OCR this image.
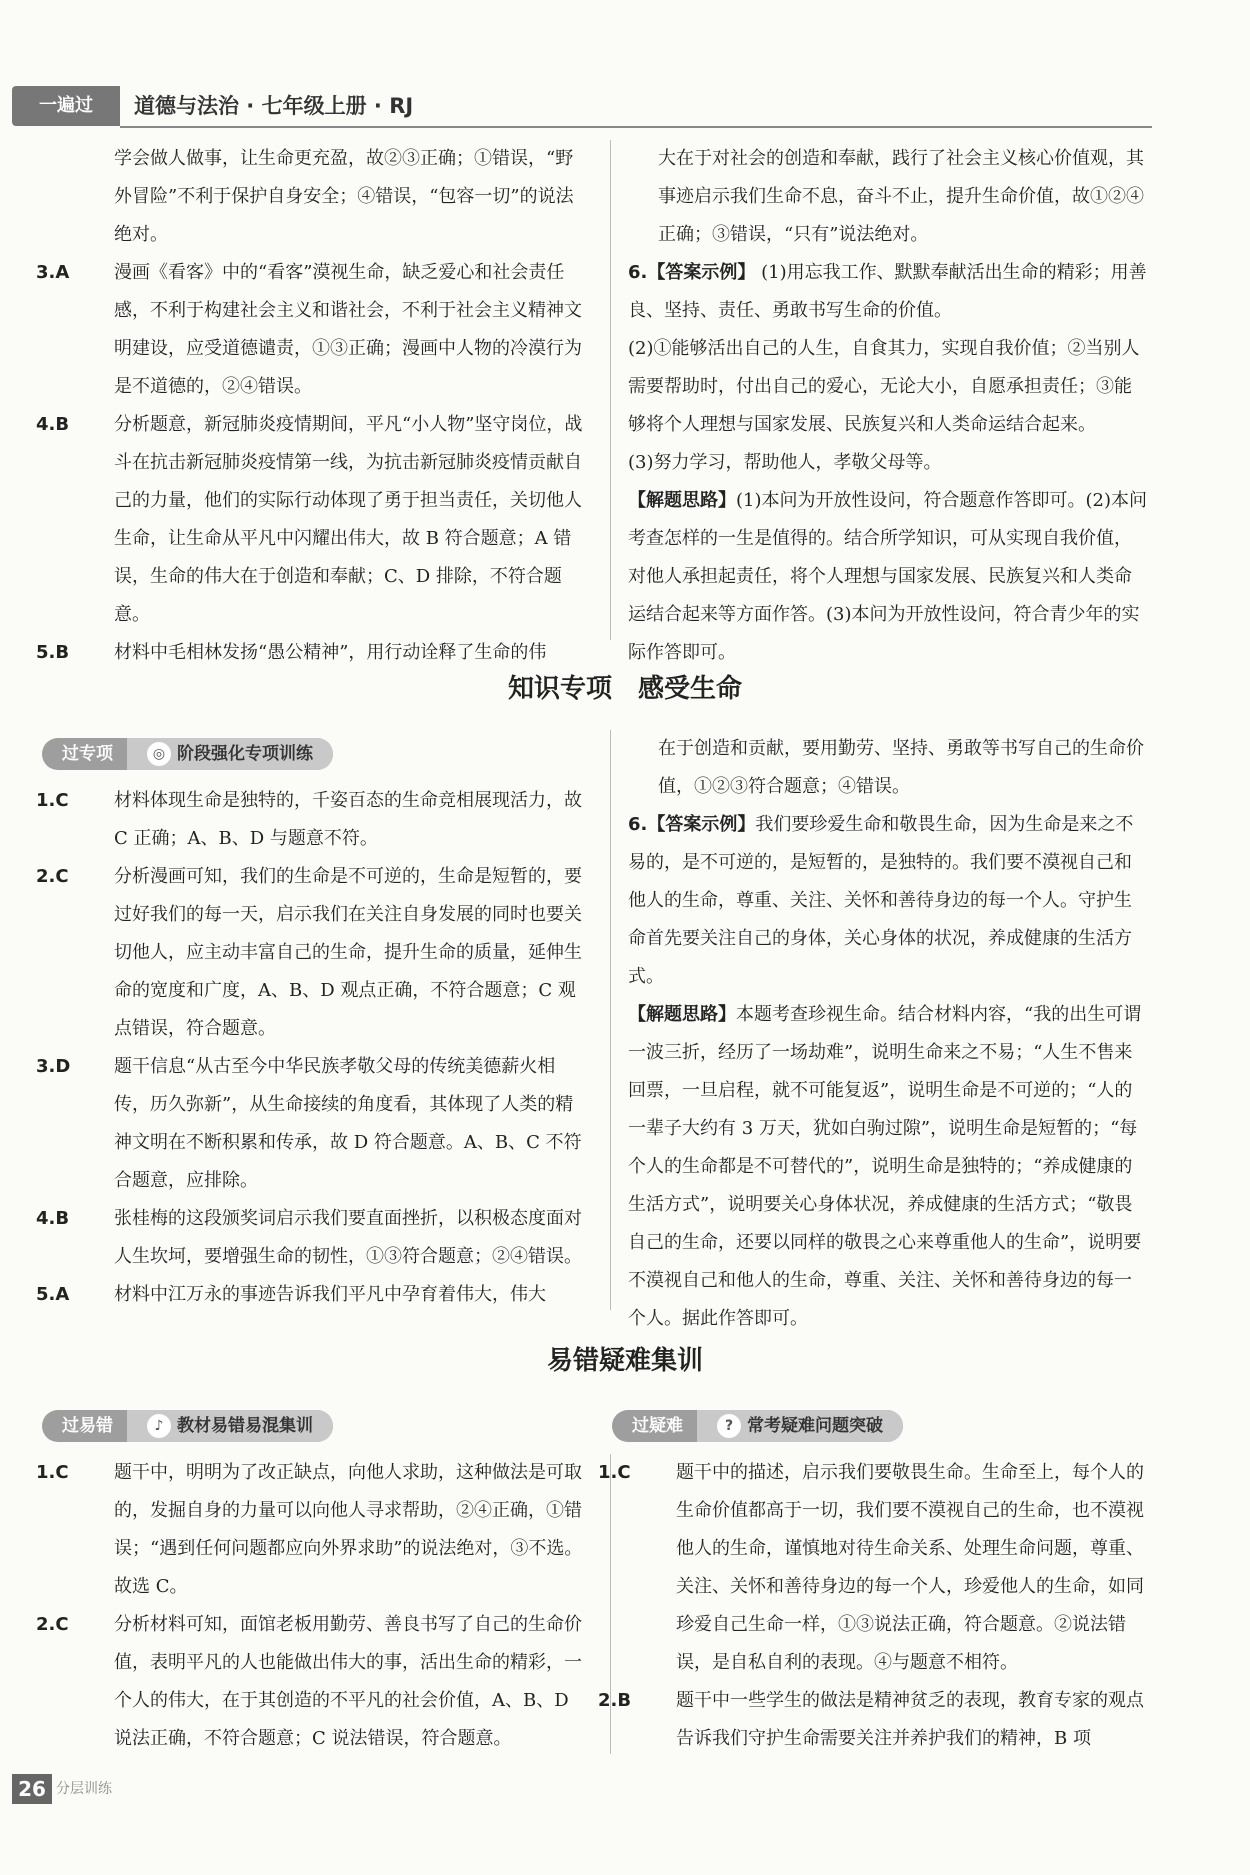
一遍过	道德与法治 · 七年级上册 · RJ

学会做人做事，让生命更充盈，故②③正确；①错误，“野外冒险”不利于保护自身安全；④错误，“包容一切”的说法绝对。

3.A 漫画《看客》中的“看客”漠视生命，缺乏爱心和社会责任感，不利于构建社会主义和谐社会，不利于社会主义精神文明建设，应受道德谴责，①③正确；漫画中人物的冷漠行为是不道德的，②④错误。
4.B 分析题意，新冠肺炎疫情期间，平凡“小人物”坚守岗位，战斗在抗击新冠肺炎疫情第一线，为抗击新冠肺炎疫情贡献自己的力量，他们的实际行动体现了勇于担当责任，关切他人生命，让生命从平凡中闪耀出伟大，故 B 符合题意；A 错误，生命的伟大在于创造和奉献；C、D 排除，不符合题意。
5.B 材料中毛相林发扬“愚公精神”，用行动诠释了生命的伟

大在于对社会的创造和奉献，践行了社会主义核心价值观，其事迹启示我们生命不息，奋斗不止，提升生命价值，故①②④正确；③错误，“只有”说法绝对。

6.【答案示例】 (1)用忘我工作、默默奉献活出生命的精彩；用善良、坚持、责任、勇敢书写生命的价值。

(2)①能够活出自己的人生，自食其力，实现自我价值；②当别人需要帮助时，付出自己的爱心，无论大小，自愿承担责任；③能够将个人理想与国家发展、民族复兴和人类命运结合起来。

(3)努力学习，帮助他人，孝敬父母等。

【解题思路】(1)本问为开放性设问，符合题意作答即可。(2)本问考查怎样的一生是值得的。结合所学知识，可从实现自我价值，对他人承担起责任，将个人理想与国家发展、民族复兴和人类命运结合起来等方面作答。(3)本问为开放性设问，符合青少年的实际作答即可。

知识专项　感受生命
过专项	◎ 阶段强化专项训练
1.C	材料体现生命是独特的，千姿百态的生命竞相展现活力，故 C 正确；A、B、D 与题意不符。
2.C	分析漫画可知，我们的生命是不可逆的，生命是短暂的，要过好我们的每一天，启示我们在关注自身发展的同时也要关切他人，应主动丰富自己的生命，提升生命的质量，延伸生命的宽度和广度，A、B、D 观点正确，不符合题意；C 观点错误，符合题意。
3.D 题干信息“从古至今中华民族孝敬父母的传统美德薪火相传，历久弥新”，从生命接续的角度看，其体现了人类的精神文明在不断积累和传承，故 D 符合题意。A、B、C 不符合题意，应排除。
4.B 张桂梅的这段颁奖词启示我们要直面挫折，以积极态度面对人生坎坷，要增强生命的韧性，①③符合题意；②④错误。
5.A 材料中江万永的事迹告诉我们平凡中孕育着伟大，伟大

在于创造和贡献，要用勤劳、坚持、勇敢等书写自己的生命价值，①②③符合题意；④错误。

6.【答案示例】我们要珍爱生命和敬畏生命，因为生命是来之不易的，是不可逆的，是短暂的，是独特的。我们要不漠视自己和他人的生命，尊重、关注、关怀和善待身边的每一个人。守护生命首先要关注自己的身体，关心身体的状况，养成健康的生活方式。

【解题思路】本题考查珍视生命。结合材料内容，“我的出生可谓一波三折，经历了一场劫难”，说明生命来之不易；“人生不售来回票，一旦启程，就不可能复返”，说明生命是不可逆的；“人的一辈子大约有 3 万天，犹如白驹过隙”，说明生命是短暂的；“每个人的生命都是不可替代的”，说明生命是独特的；“养成健康的生活方式”，说明要关心身体状况，养成健康的生活方式；“敬畏自己的生命，还要以同样的敬畏之心来尊重他人的生命”，说明要不漠视自己和他人的生命，尊重、关注、关怀和善待身边的每一个人。据此作答即可。

易错疑难集训
过易错	♪ 教材易错易混集训	过疑难	? 常考疑难问题突破
1.C	题干中，明明为了改正缺点，向他人求助，这种做法是可取的，发掘自身的力量可以向他人寻求帮助，②④正确，①错误；“遇到任何问题都应向外界求助”的说法绝对，③不选。故选 C。
2.C	分析材料可知，面馆老板用勤劳、善良书写了自己的生命价值，表明平凡的人也能做出伟大的事，活出生命的精彩，一个人的伟大，在于其创造的不平凡的社会价值，A、B、D 说法正确，不符合题意；C 说法错误，符合题意。
1.C	题干中的描述，启示我们要敬畏生命。生命至上，每个人的生命价值都高于一切，我们要不漠视自己的生命，也不漠视他人的生命，谨慎地对待生命关系、处理生命问题，尊重、关注、关怀和善待身边的每一个人，珍爱他人的生命，如同珍爱自己生命一样，①③说法正确，符合题意。②说法错误，是自私自利的表现。④与题意不相符。
2.B 题干中一些学生的做法是精神贫乏的表现，教育专家的观点告诉我们守护生命需要关注并养护我们的精神，B 项
26 分层训练
